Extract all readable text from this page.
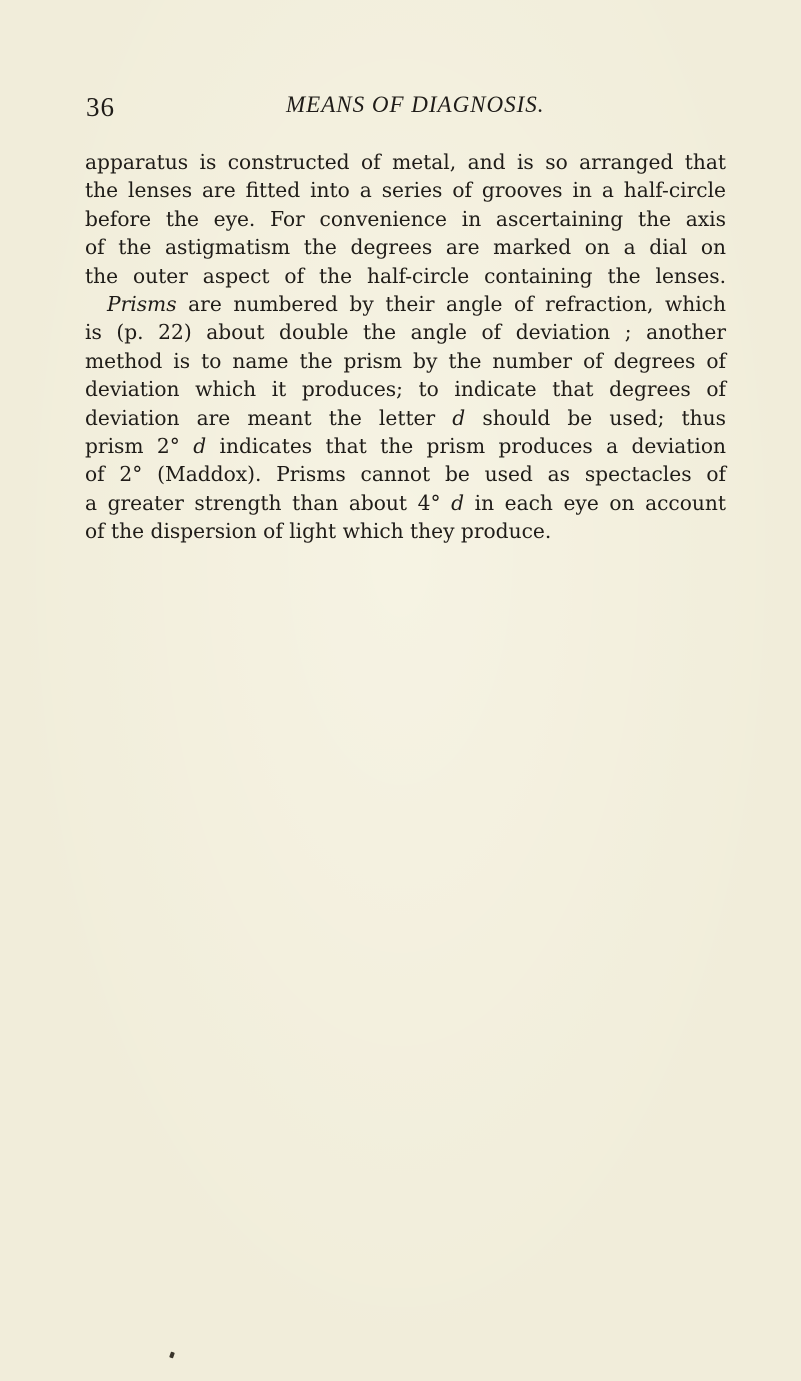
36	MEANS OF DIAGNOSIS.
apparatus is constructed of metal, and is so arranged that
the lenses are fitted into a series of grooves in a half-circle
before the eye. For convenience in ascertaining the axis
of the astigmatism the degrees are marked on a dial on
the outer aspect of the half-circle containing the lenses.
Prisms are numbered by their angle of refraction, which
is (p. 22) about double the angle of deviation ; another
method is to name the prism by the number of degrees of
deviation which it produces; to indicate that degrees of
deviation are meant the letter d should be used; thus
prism 2° d indicates that the prism produces a deviation
of 2° (Maddox). Prisms cannot be used as spectacles of
a greater strength than about 4° d in each eye on account
of the dispersion of light which they produce.
